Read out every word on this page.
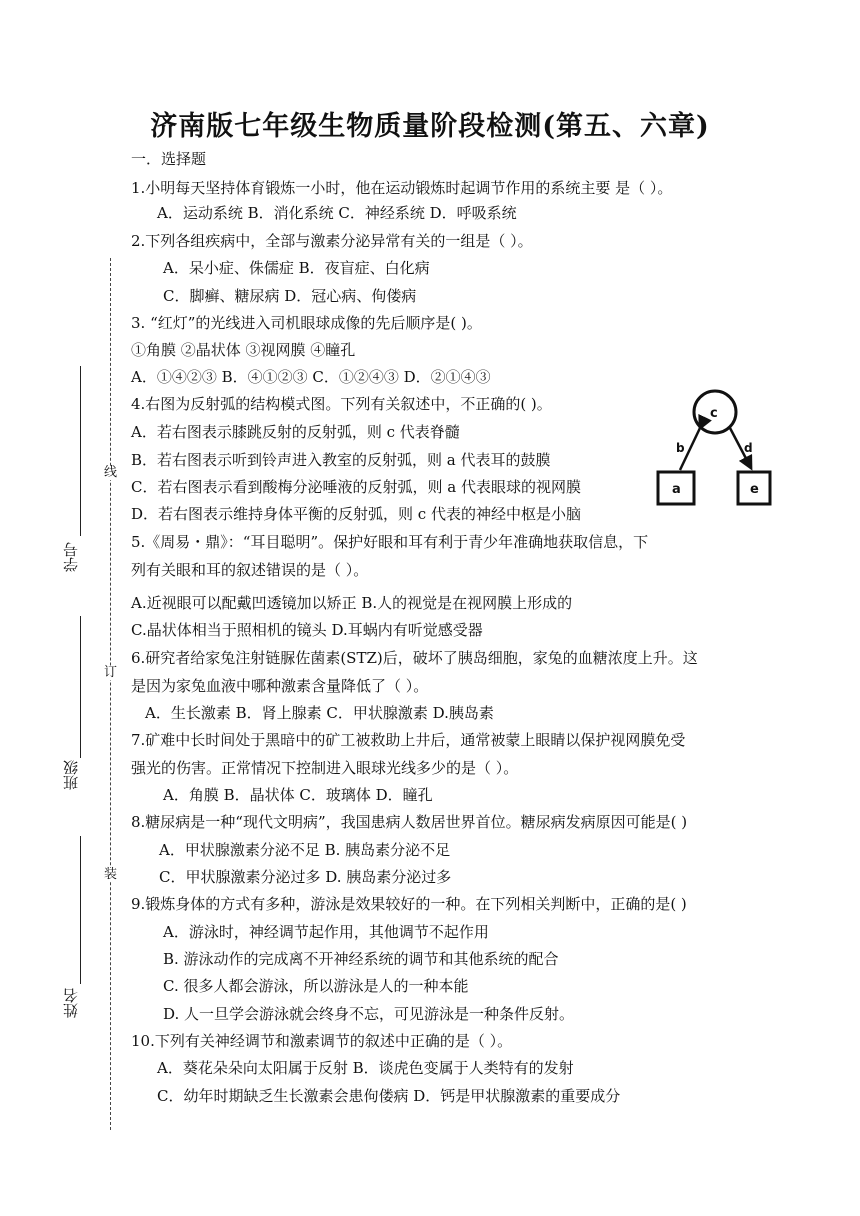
济南版七年级生物质量阶段检测(第五、六章)
一．选择题
1.小明每天坚持体育锻炼一小时，他在运动锻炼时起调节作用的系统主要 是（ ）。
A．运动系统 B．消化系统 C．神经系统 D．呼吸系统
2.下列各组疾病中，全部与激素分泌异常有关的一组是（ ）。
A．呆小症、侏儒症 B．夜盲症、白化病
C．脚癣、糖尿病 D．冠心病、佝偻病
3. “红灯”的光线进入司机眼球成像的先后顺序是( )。
①角膜 ②晶状体 ③视网膜 ④瞳孔
A．①④②③ B．④①②③ C．①②④③ D．②①④③
4.右图为反射弧的结构模式图。下列有关叙述中，不正确的( )。
A．若右图表示膝跳反射的反射弧，则 c 代表脊髓
B．若右图表示听到铃声进入教室的反射弧，则 a 代表耳的鼓膜
C．若右图表示看到酸梅分泌唾液的反射弧，则 a 代表眼球的视网膜
D．若右图表示维持身体平衡的反射弧，则 c 代表的神经中枢是小脑
5.《周易・鼎》：“耳目聪明”。保护好眼和耳有利于青少年准确地获取信息，下
列有关眼和耳的叙述错误的是（ ）。
A.近视眼可以配戴凹透镜加以矫正 B.人的视觉是在视网膜上形成的
C.晶状体相当于照相机的镜头 D.耳蜗内有听觉感受器
6.研究者给家兔注射链脲佐菌素(STZ)后，破坏了胰岛细胞，家兔的血糖浓度上升。这
是因为家兔血液中哪种激素含量降低了（ ）。
A．生长激素 B．肾上腺素 C．甲状腺激素 D.胰岛素
7.矿难中长时间处于黑暗中的矿工被救助上井后，通常被蒙上眼睛以保护视网膜免受
强光的伤害。正常情况下控制进入眼球光线多少的是（ ）。
A．角膜 B．晶状体 C．玻璃体 D．瞳孔
8.糖尿病是一种“现代文明病”，我国患病人数居世界首位。糖尿病发病原因可能是( )
A．甲状腺激素分泌不足 B. 胰岛素分泌不足
C．甲状腺激素分泌过多 D. 胰岛素分泌过多
9.锻炼身体的方式有多种，游泳是效果较好的一种。在下列相关判断中，正确的是( )
A．游泳时，神经调节起作用，其他调节不起作用
B. 游泳动作的完成离不开神经系统的调节和其他系统的配合
C. 很多人都会游泳，所以游泳是人的一种本能
D. 人一旦学会游泳就会终身不忘，可见游泳是一种条件反射。
10.下列有关神经调节和激素调节的叙述中正确的是（ ）。
A．葵花朵朵向太阳属于反射 B．谈虎色变属于人类特有的发射
C．幼年时期缺乏生长激素会患佝偻病 D．钙是甲状腺激素的重要成分
线
订
装
学号
班级
姓名
c
b	d
a	e
